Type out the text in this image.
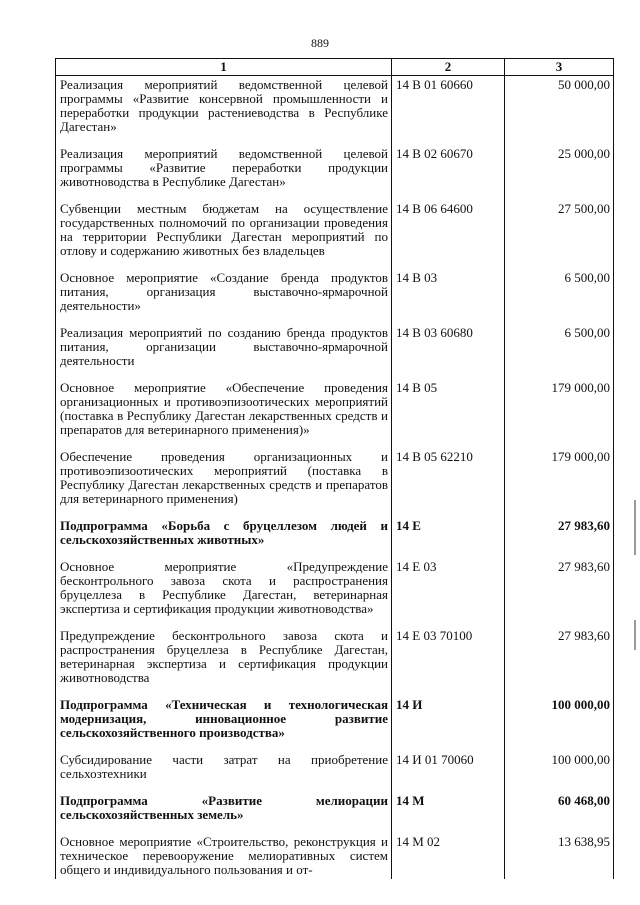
889
1	2	3
Реализация мероприятий ведомственной целевой программы «Развитие консервной промышленности и переработки продукции растениеводства в Республике Дагестан»	14 В 01 60660	50 000,00
Реализация мероприятий ведомственной целевой программы «Развитие переработки продукции животноводства в Республике Дагестан»	14 В 02 60670	25 000,00
Субвенции местным бюджетам на осуществление государственных полномочий по организации проведения на территории Республики Дагестан мероприятий по отлову и содержанию животных без владельцев	14 В 06 64600	27 500,00
Основное мероприятие «Создание бренда продуктов питания, организация выставочно-ярмарочной деятельности»	14 В 03	6 500,00
Реализация мероприятий по созданию бренда продуктов питания, организации выставочно-ярмарочной деятельности	14 В 03 60680	6 500,00
Основное мероприятие «Обеспечение проведения организационных и противоэпизоотических мероприятий (поставка в Республику Дагестан лекарственных средств и препаратов для ветеринарного применения)»	14 В 05	179 000,00
Обеспечение проведения организационных и противоэпизоотических мероприятий (поставка в Республику Дагестан лекарственных средств и препаратов для ветеринарного применения)	14 В 05 62210	179 000,00
Подпрограмма «Борьба с бруцеллезом людей и сельскохозяйственных животных»	14 Е	27 983,60
Основное мероприятие «Предупреждение бесконтрольного завоза скота и распространения бруцеллеза в Республике Дагестан, ветеринарная экспертиза и сертификация продукции животноводства»	14 Е 03	27 983,60
Предупреждение бесконтрольного завоза скота и распространения бруцеллеза в Республике Дагестан, ветеринарная экспертиза и сертификация продукции животноводства	14 Е 03 70100	27 983,60
Подпрограмма «Техническая и технологическая модернизация, инновационное развитие сельскохозяйственного производства»	14 И	100 000,00
Субсидирование части затрат на приобретение сельхозтехники	14 И 01 70060	100 000,00
Подпрограмма «Развитие мелиорации сельскохозяйственных земель»	14 М	60 468,00
Основное мероприятие «Строительство, реконструкция и техническое перевооружение мелиоративных систем общего и индивидуального пользования и от-	14 М 02	13 638,95
